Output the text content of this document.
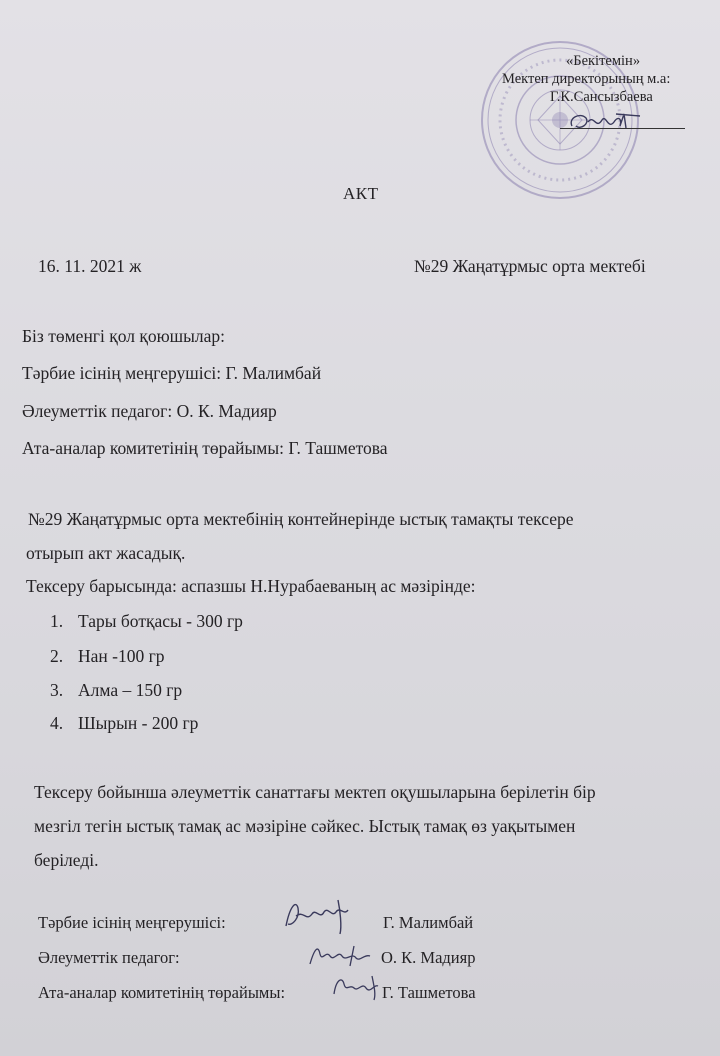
«Бекітемін»
Мектеп директорының м.а:
Г.К.Сансызбаева
АКТ
16. 11. 2021 ж	№29 Жаңатұрмыс орта мектебі
Біз төменгі қол қоюшылар:
Тәрбие ісінің меңгерушісі: Г. Малимбай
Әлеуметтік педагог: О. К. Мадияр
Ата-аналар комитетінің төрайымы: Г. Ташметова
№29 Жаңатұрмыс орта мектебінің контейнерінде ыстық тамақты тексере
отырып акт жасадық.
Тексеру барысында: аспазшы Н.Нурабаеваның ас мәзірінде:
1. Тары ботқасы - 300 гр
2. Нан -100 гр
3. Алма – 150 гр
4. Шырын - 200 гр
Тексеру бойынша әлеуметтік санаттағы мектеп оқушыларына берілетін бір
мезгіл тегін ыстық тамақ ас мәзіріне сәйкес. Ыстық тамақ өз уақытымен
беріледі.
Тәрбие ісінің меңгерушісі:	Г. Малимбай
Әлеуметтік педагог:	О. К. Мадияр
Ата-аналар комитетінің төрайымы:	Г. Ташметова
